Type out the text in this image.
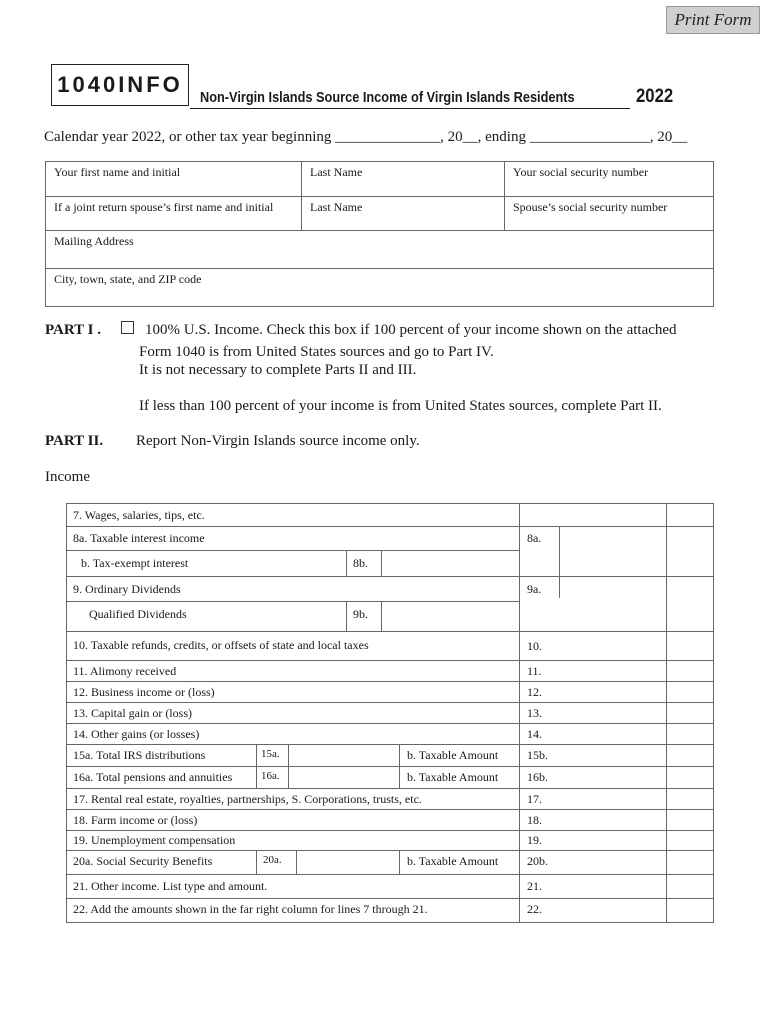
Print Form
1040INFO
Non-Virgin Islands Source Income of Virgin Islands Residents	2022
Calendar year 2022, or other tax year beginning ______________, 20__, ending ________________, 20__
Your first name and initial	Last Name	Your social security number
If a joint return spouse’s first name and initial	Last Name	Spouse’s social security number
Mailing Address
City, town, state, and ZIP code
PART I .	100% U.S. Income. Check this box if 100 percent of your income shown on the attached
Form 1040 is from United States sources and go to Part IV.
It is not necessary to complete Parts II and III.
If less than 100 percent of your income is from United States sources, complete Part II.
PART II. Report Non-Virgin Islands source income only.
Income
7. Wages, salaries, tips, etc.
8a. Taxable interest income	8a.
b. Tax-exempt interest	8b.
9. Ordinary Dividends	9a.
Qualified Dividends	9b.
10. Taxable refunds, credits, or offsets of state and local taxes	10.
11. Alimony received	11.
12. Business income or (loss)	12.
13. Capital gain or (loss)	13.
14. Other gains (or losses)	14.
15a. Total IRS distributions	15a.	b. Taxable Amount 15b.
16a. Total pensions and annuities	16a.	b. Taxable Amount 16b.
17. Rental real estate, royalties, partnerships, S. Corporations, trusts, etc.	17.
18. Farm income or (loss)	18.
19. Unemployment compensation	19.
20a. Social Security Benefits	20a.	b. Taxable Amount 20b.
21. Other income. List type and amount.	21.
22. Add the amounts shown in the far right column for lines 7 through 21.	22.
